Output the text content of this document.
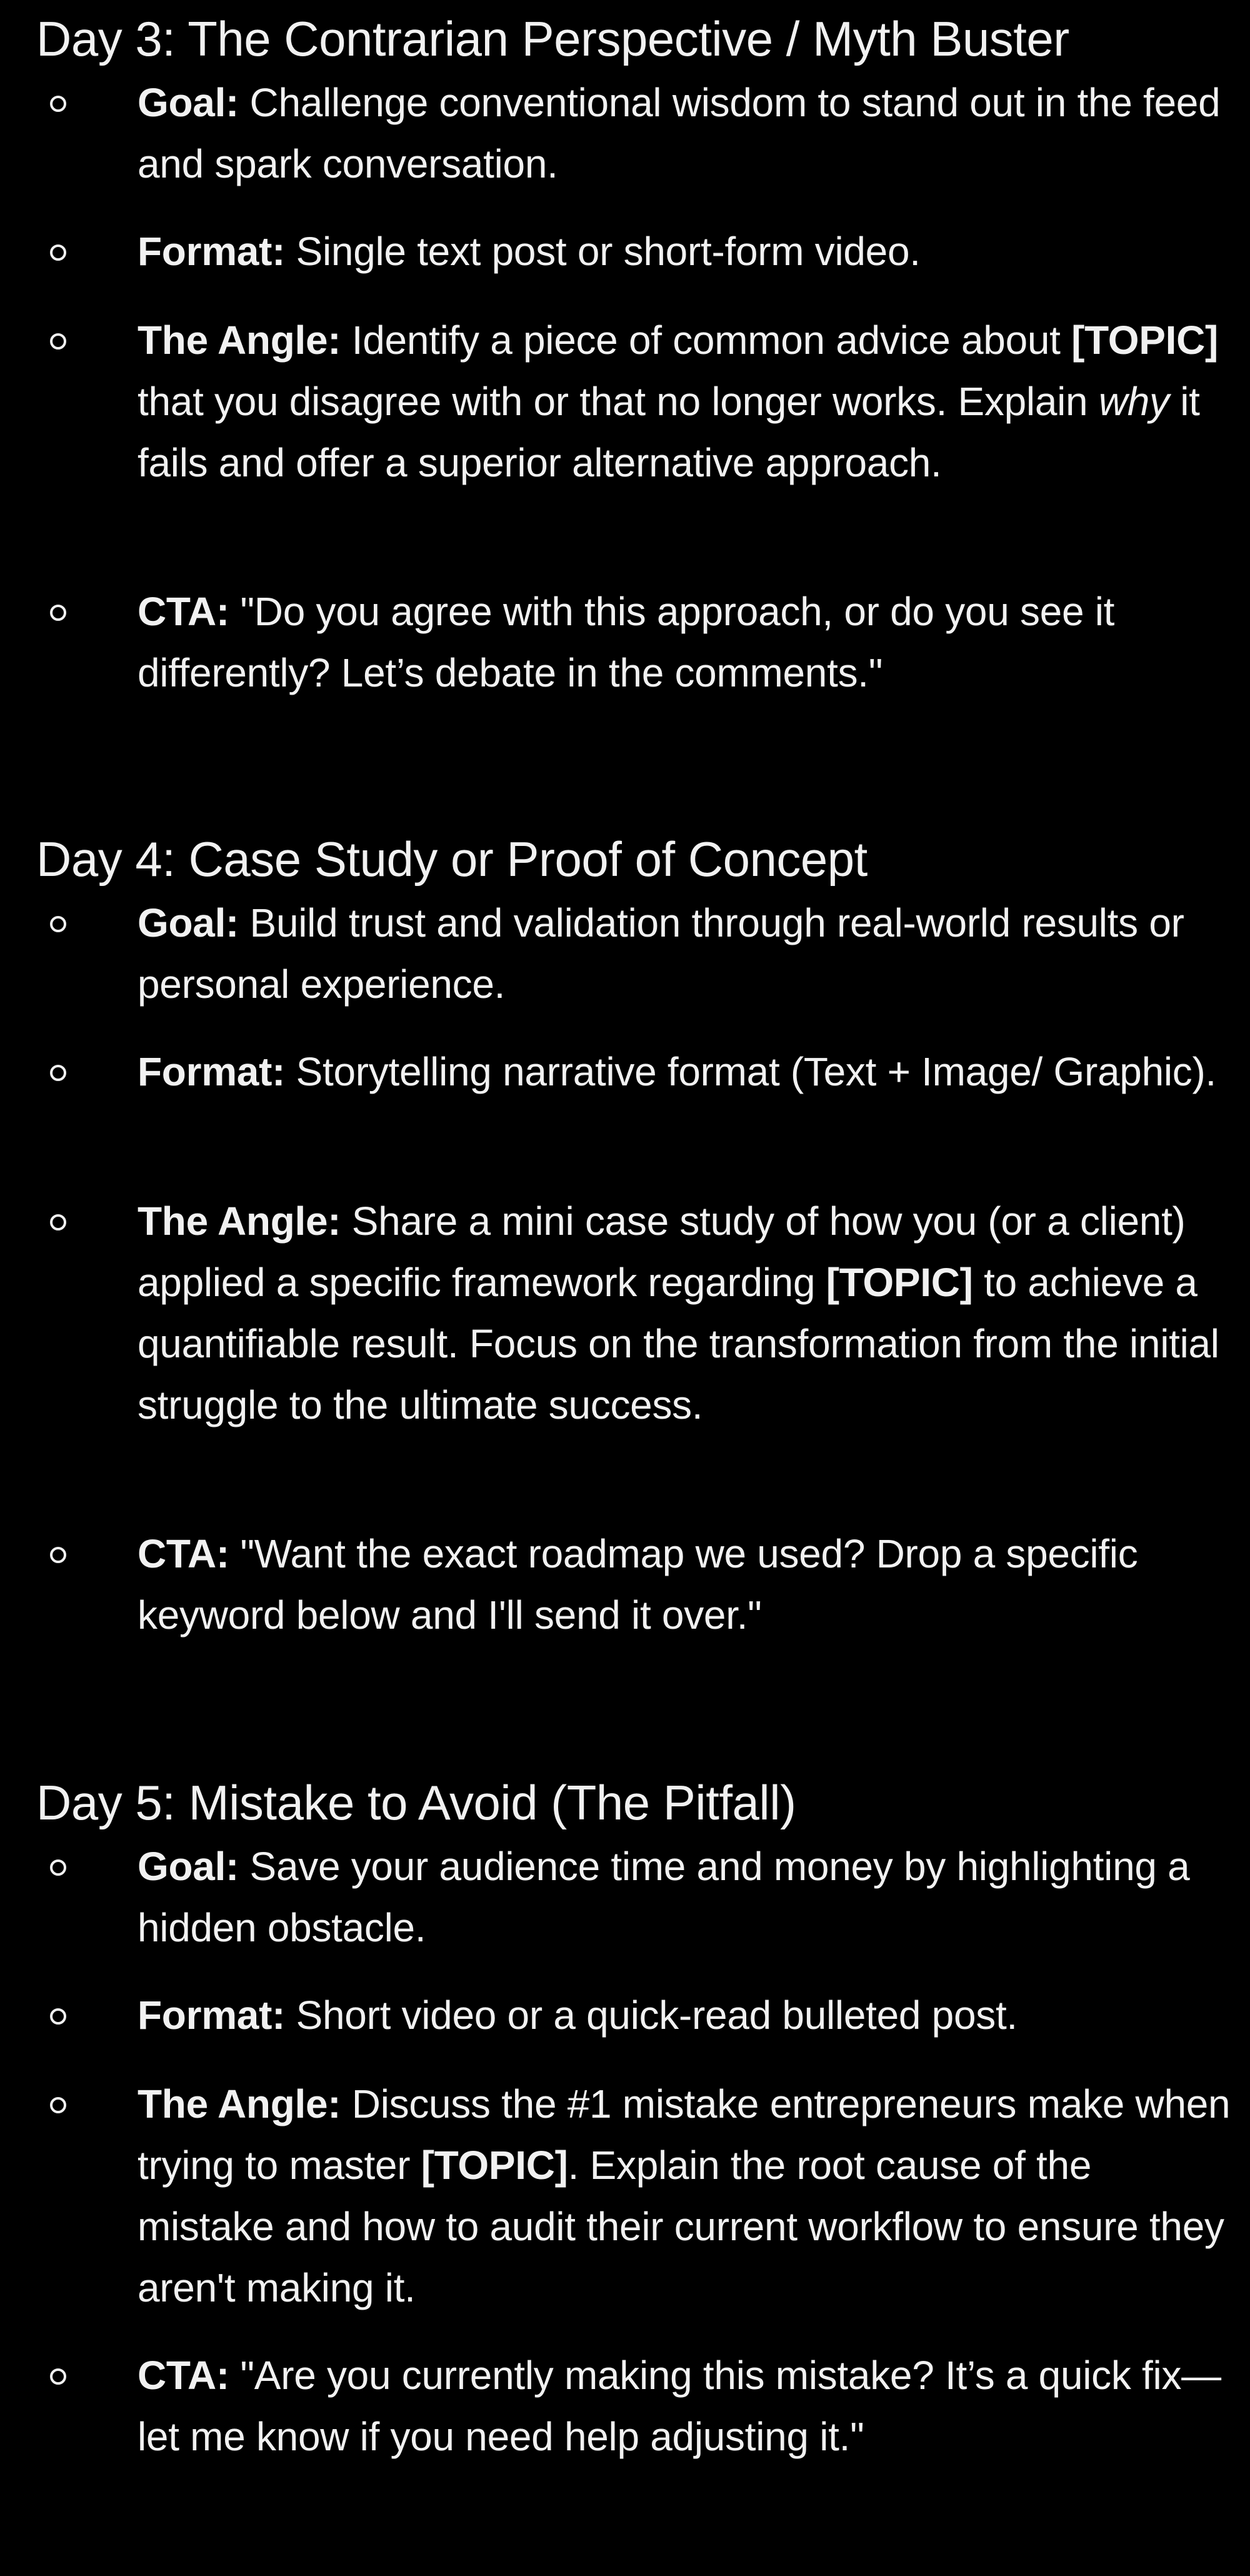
Day 3: The Contrarian Perspective / Myth Buster
Goal: Challenge conventional wisdom to stand out in the feed and spark conversation.
Format: Single text post or short-form video.
The Angle: Identify a piece of common advice about [TOPIC] that you disagree with or that no longer works. Explain why it fails and offer a superior alternative approach.
CTA: "Do you agree with this approach, or do you see it differently? Let’s debate in the comments."
Day 4: Case Study or Proof of Concept
Goal: Build trust and validation through real-world results or personal experience.
Format: Storytelling narrative format (Text + Image/ Graphic).
The Angle: Share a mini case study of how you (or a client) applied a specific framework regarding [TOPIC] to achieve a quantifiable result. Focus on the transformation from the initial struggle to the ultimate success.
CTA: "Want the exact roadmap we used? Drop a specific keyword below and I'll send it over."
Day 5: Mistake to Avoid (The Pitfall)
Goal: Save your audience time and money by highlighting a hidden obstacle.
Format: Short video or a quick-read bulleted post.
The Angle: Discuss the #1 mistake entrepreneurs make when trying to master [TOPIC]. Explain the root cause of the mistake and how to audit their current workflow to ensure they aren't making it.
CTA: "Are you currently making this mistake? It’s a quick fix—let me know if you need help adjusting it."
